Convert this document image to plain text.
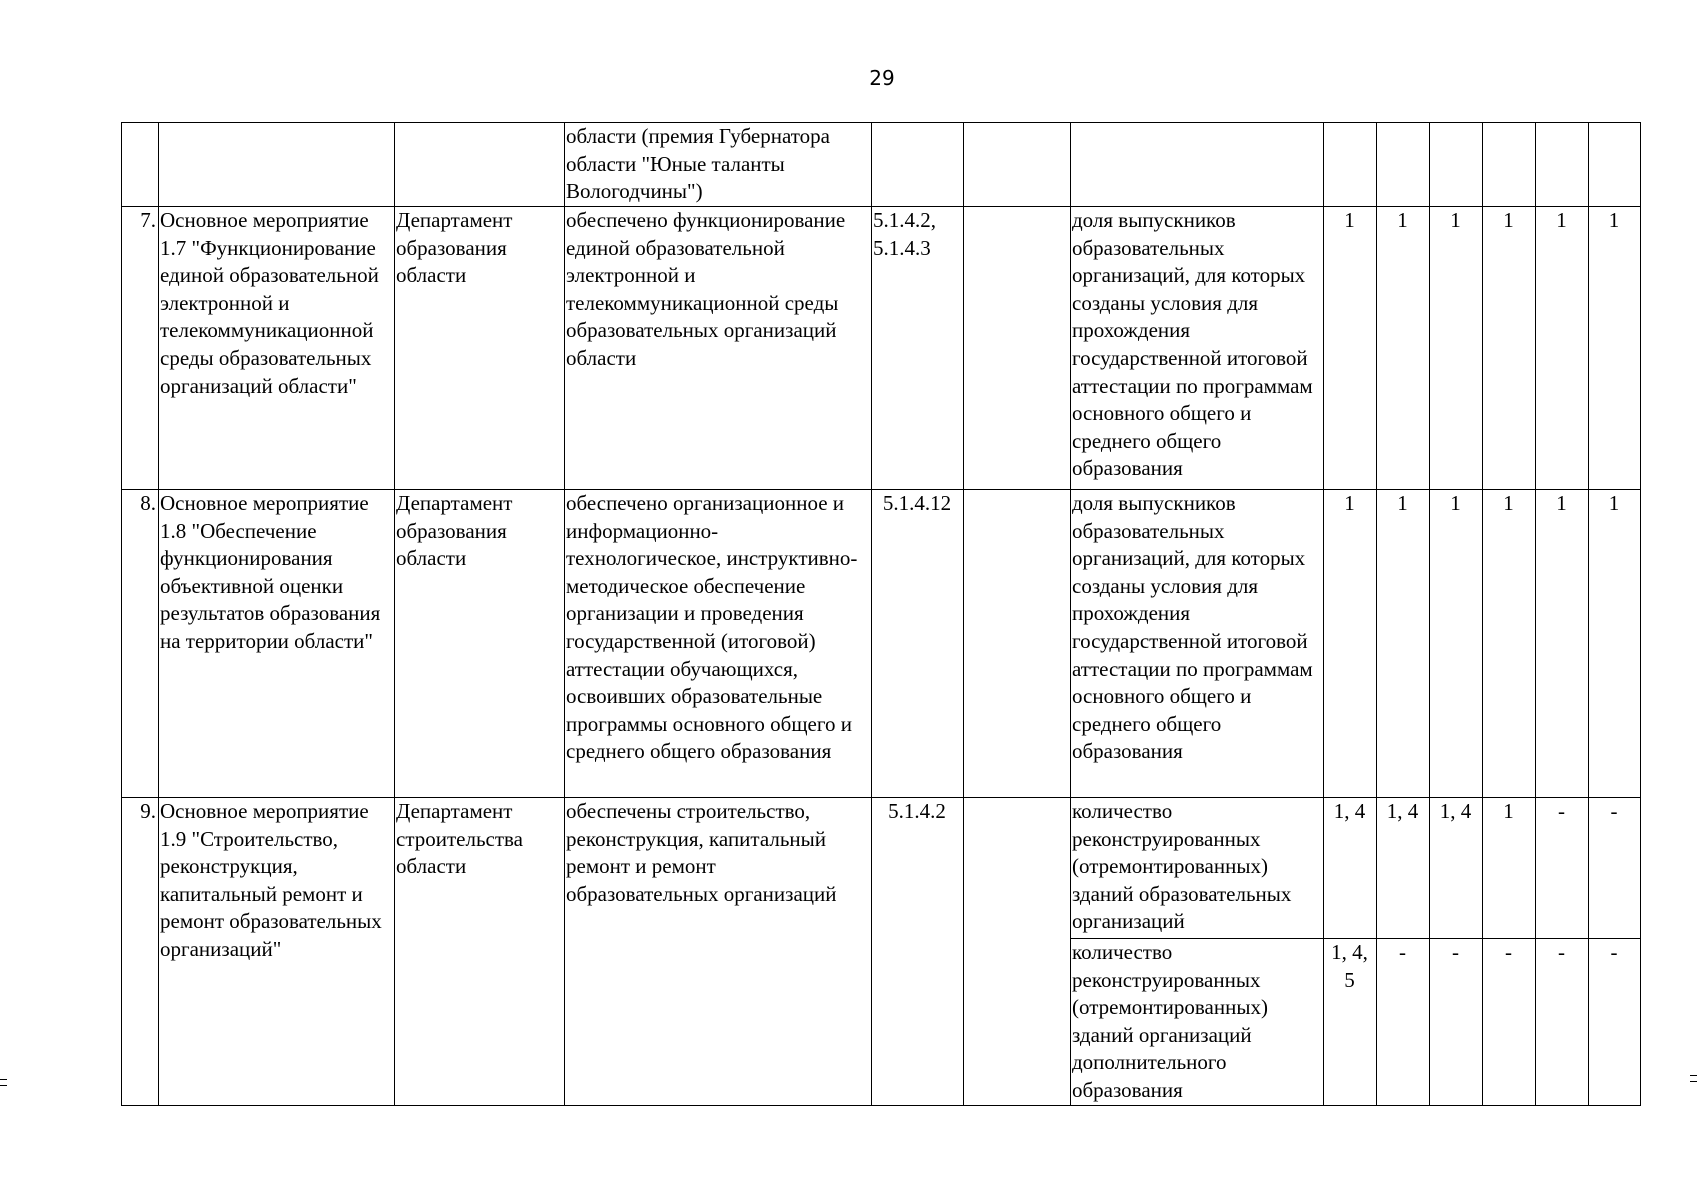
29
			области (премия Губернатора области "Юные таланты Вологодчины")									
7.	Основное мероприятие 1.7 "Функционирование единой образовательной электронной и телекоммуникационной среды образовательных организаций области"	Департамент образования области	обеспечено функционирование единой образовательной электронной и телекоммуникационной среды образовательных организаций области	5.1.4.2, 5.1.4.3		доля выпускников образовательных организаций, для которых созданы условия для прохождения государственной итоговой аттестации по программам основного общего и среднего общего образования	1	1	1	1	1	1
8.	Основное мероприятие 1.8 "Обеспечение функционирования объективной оценки результатов образования на территории области"	Департамент образования области	обеспечено организационное и информационно-технологическое, инструктивно-методическое обеспечение организации и проведения государственной (итоговой) аттестации обучающихся, освоивших образовательные программы основного общего и среднего общего образования	5.1.4.12		доля выпускников образовательных организаций, для которых созданы условия для прохождения государственной итоговой аттестации по программам основного общего и среднего общего образования	1	1	1	1	1	1
9.	Основное мероприятие 1.9 "Строительство, реконструкция, капитальный ремонт и ремонт образовательных организаций"	Департамент строительства области	обеспечены строительство, реконструкция, капитальный ремонт и ремонт образовательных организаций	5.1.4.2		количество реконструированных (отремонтированных) зданий образовательных организаций	1, 4	1, 4	1, 4	1	-	-
						количество реконструированных (отремонтированных) зданий организаций дополнительного образования	1, 4, 5	-	-	-	-	-
